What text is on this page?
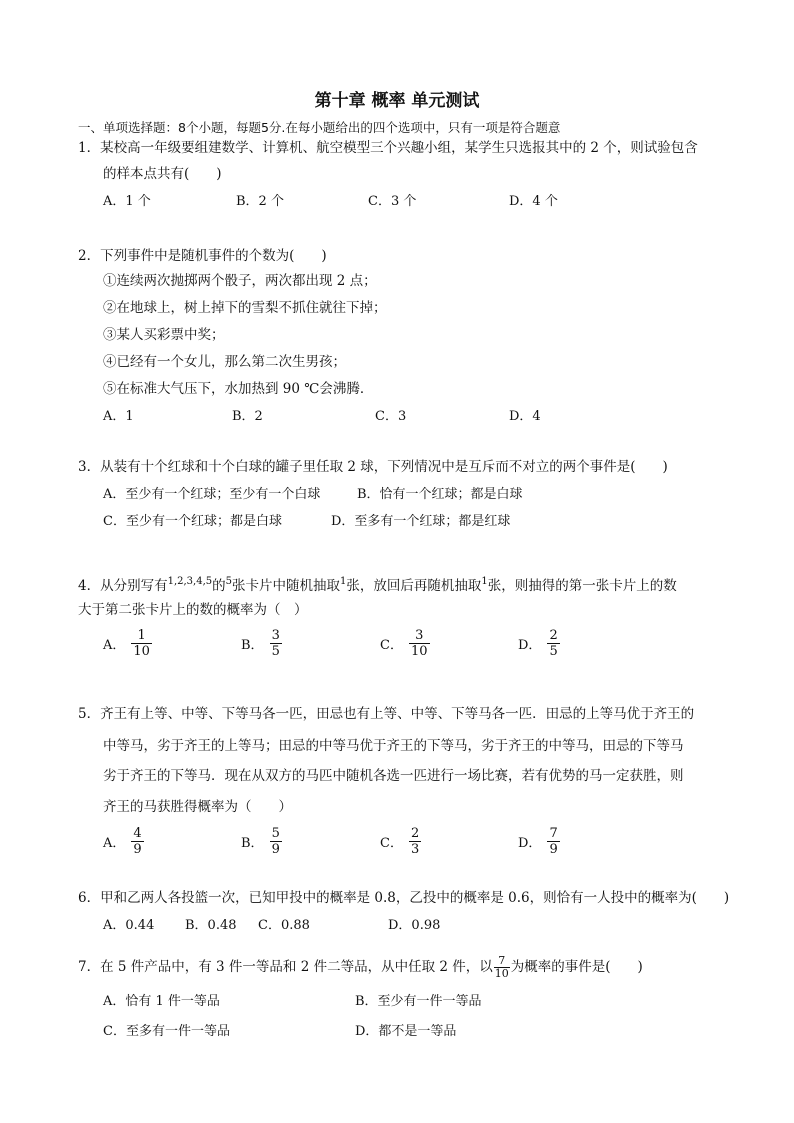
第十章 概率 单元测试
一、单项选择题：8个小题，每题5分.在每小题给出的四个选项中，只有一项是符合题意
1．某校高一年级要组建数学、计算机、航空模型三个兴趣小组，某学生只选报其中的 2 个，则试验包含
的样本点共有(　　)
A．1 个	B．2 个	C．3 个	D．4 个
2．下列事件中是随机事件的个数为(　　)
①连续两次抛掷两个骰子，两次都出现 2 点；
②在地球上，树上掉下的雪梨不抓住就往下掉；
③某人买彩票中奖；
④已经有一个女儿，那么第二次生男孩；
⑤在标准大气压下，水加热到 90 ℃会沸腾．
A．1	B．2	C．3	D．4
3．从装有十个红球和十个白球的罐子里任取 2 球，下列情况中是互斥而不对立的两个事件是(　　)
A．至少有一个红球；至少有一个白球	B．恰有一个红球；都是白球
C．至少有一个红球；都是白球	D．至多有一个红球；都是红球
4．从分别写有$^{1,2,3,4,5}$的$^5$张卡片中随机抽取$^1$张，放回后再随机抽取$^1$张，则抽得的第一张卡片上的数
大于第二张卡片上的数的概率为（　）
A． $\frac{1}{10}$	B． $\frac{3}{5}$	C． $\frac{3}{10}$	D． $\frac{2}{5}$
5．齐王有上等、中等、下等马各一匹，田忌也有上等、中等、下等马各一匹．田忌的上等马优于齐王的
中等马，劣于齐王的上等马；田忌的中等马优于齐王的下等马，劣于齐王的中等马，田忌的下等马
劣于齐王的下等马．现在从双方的马匹中随机各选一匹进行一场比赛，若有优势的马一定获胜，则
齐王的马获胜得概率为（　　）
A． $\frac{4}{9}$	B． $\frac{5}{9}$	C． $\frac{2}{3}$	D． $\frac{7}{9}$
6．甲和乙两人各投篮一次，已知甲投中的概率是 0.8，乙投中的概率是 0.6，则恰有一人投中的概率为(　　)
A．0.44 B．0.48 C．0.88	D．0.98
7．在 5 件产品中，有 3 件一等品和 2 件二等品，从中任取 2 件，以 $\frac{7}{10}$ 为概率的事件是(　　)
A．恰有 1 件一等品	B．至少有一件一等品
C．至多有一件一等品	D．都不是一等品
